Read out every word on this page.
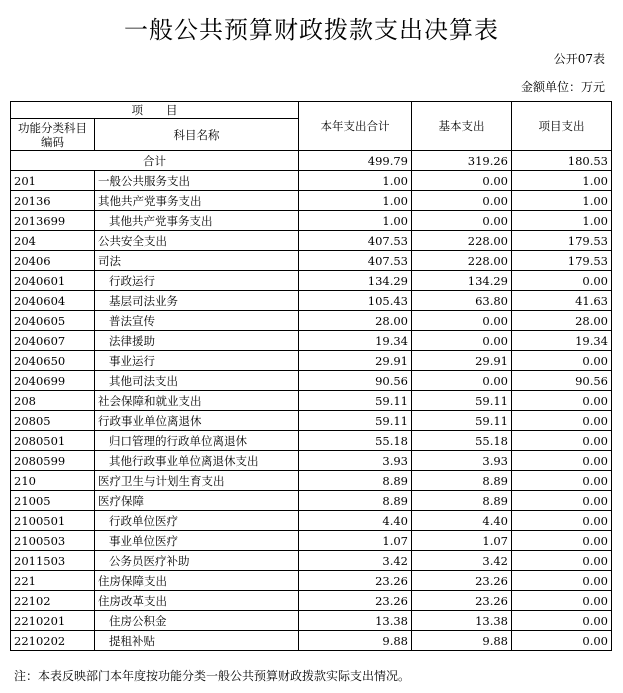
一般公共预算财政拨款支出决算表
公开07表
金额单位：万元
项　　目		本年支出合计	基本支出	项目支出
功能分类科目编码	科目名称			
合计		499.79	319.26	180.53
201	一般公共服务支出	1.00	0.00	1.00
20136	其他共产党事务支出	1.00	0.00	1.00
2013699	其他共产党事务支出	1.00	0.00	1.00
204	公共安全支出	407.53	228.00	179.53
20406	司法	407.53	228.00	179.53
2040601	行政运行	134.29	134.29	0.00
2040604	基层司法业务	105.43	63.80	41.63
2040605	普法宣传	28.00	0.00	28.00
2040607	法律援助	19.34	0.00	19.34
2040650	事业运行	29.91	29.91	0.00
2040699	其他司法支出	90.56	0.00	90.56
208	社会保障和就业支出	59.11	59.11	0.00
20805	行政事业单位离退休	59.11	59.11	0.00
2080501	归口管理的行政单位离退休	55.18	55.18	0.00
2080599	其他行政事业单位离退休支出	3.93	3.93	0.00
210	医疗卫生与计划生育支出	8.89	8.89	0.00
21005	医疗保障	8.89	8.89	0.00
2100501	行政单位医疗	4.40	4.40	0.00
2100503	事业单位医疗	1.07	1.07	0.00
2011503	公务员医疗补助	3.42	3.42	0.00
221	住房保障支出	23.26	23.26	0.00
22102	住房改革支出	23.26	23.26	0.00
2210201	住房公积金	13.38	13.38	0.00
2210202	提租补贴	9.88	9.88	0.00
注：本表反映部门本年度按功能分类一般公共预算财政拨款实际支出情况。
